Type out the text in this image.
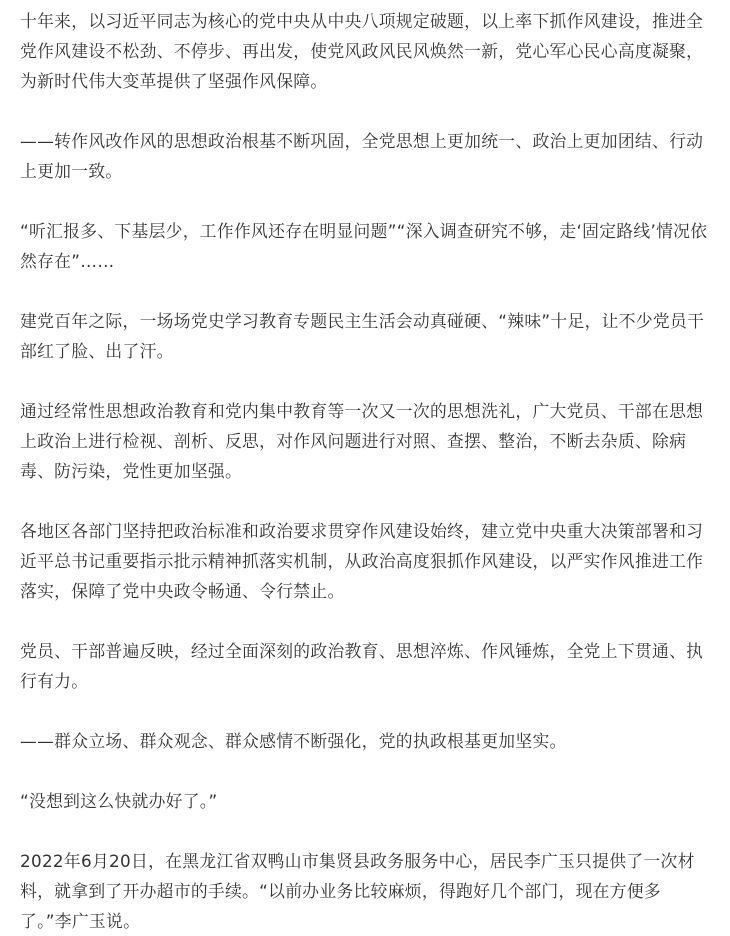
十年来，以习近平同志为核心的党中央从中央八项规定破题，以上率下抓作风建设，推进全党作风建设不松劲、不停步、再出发，使党风政风民风焕然一新，党心军心民心高度凝聚，为新时代伟大变革提供了坚强作风保障。

——转作风改作风的思想政治根基不断巩固，全党思想上更加统一、政治上更加团结、行动上更加一致。

“听汇报多、下基层少，工作作风还存在明显问题”“深入调查研究不够，走‘固定路线’情况依然存在”……

建党百年之际，一场场党史学习教育专题民主生活会动真碰硬、“辣味”十足，让不少党员干部红了脸、出了汗。

通过经常性思想政治教育和党内集中教育等一次又一次的思想洗礼，广大党员、干部在思想上政治上进行检视、剖析、反思，对作风问题进行对照、查摆、整治，不断去杂质、除病毒、防污染，党性更加坚强。

各地区各部门坚持把政治标准和政治要求贯穿作风建设始终，建立党中央重大决策部署和习近平总书记重要指示批示精神抓落实机制，从政治高度狠抓作风建设，以严实作风推进工作落实，保障了党中央政令畅通、令行禁止。

党员、干部普遍反映，经过全面深刻的政治教育、思想淬炼、作风锤炼，全党上下贯通、执行有力。

——群众立场、群众观念、群众感情不断强化，党的执政根基更加坚实。

“没想到这么快就办好了。”

2022年6月20日，在黑龙江省双鸭山市集贤县政务服务中心，居民李广玉只提供了一次材料，就拿到了开办超市的手续。“以前办业务比较麻烦，得跑好几个部门，现在方便多了。”李广玉说。
